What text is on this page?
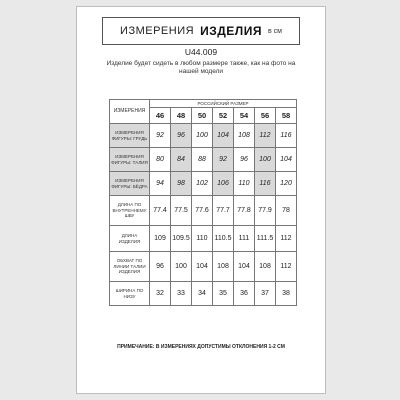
ИЗМЕРЕНИЯ ИЗДЕЛИЯ в см
U44.009
Изделие будет сидеть в любом размере также, как на фото на нашей модели
ИЗМЕРЕНИЯ	РОССИЙСКИЙ РАЗМЕР						
	46	48	50	52	54	56	58
ИЗМЕРЕНИЯ ФИГУРЫ: ГРУДЬ	92	96	100	104	108	112	116
ИЗМЕРЕНИЯ ФИГУРЫ: ТАЛИЯ	80	84	88	92	96	100	104
ИЗМЕРЕНИЯ ФИГУРЫ: БЁДРА	94	98	102	106	110	116	120
ДЛИНА ПО ВНУТРЕННЕМУ ШВУ	77.4	77.5	77.6	77.7	77.8	77.9	78
ДЛИНА ИЗДЕЛИЯ	109	109.5	110	110.5	111	111.5	112
ОБХВАТ ПО ЛИНИИ ТАЛИИ ИЗДЕЛИЯ	96	100	104	108	104	108	112
ШИРИНА ПО НИЗУ	32	33	34	35	36	37	38
ПРИМЕЧАНИЕ: В ИЗМЕРЕНИЯХ ДОПУСТИМЫ ОТКЛОНЕНИЯ 1-2 СМ
